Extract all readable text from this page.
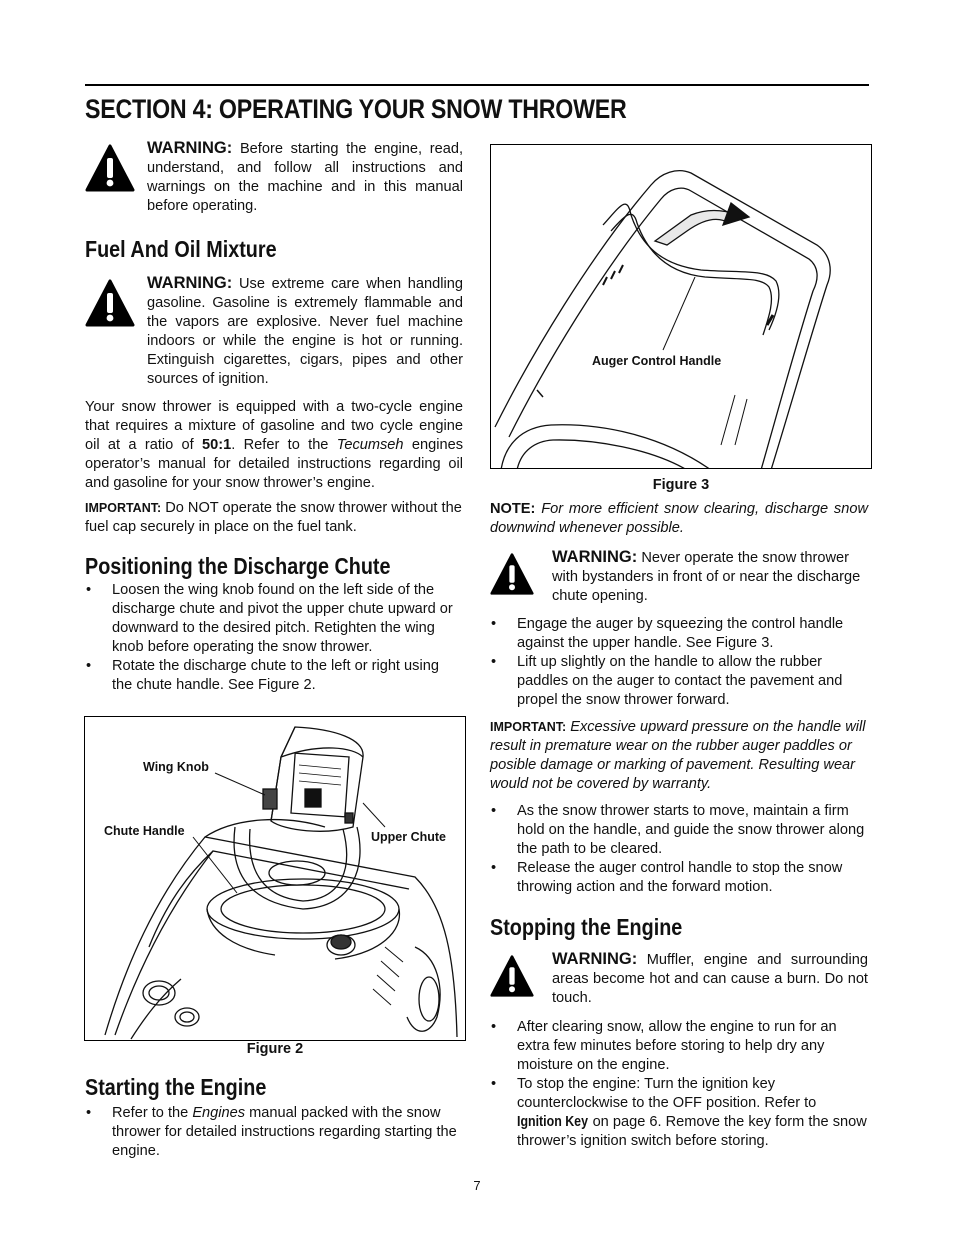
SECTION 4: OPERATING YOUR SNOW THROWER
WARNING: Before starting the engine, read, understand, and follow all instructions and warnings on the machine and in this manual before operating.
Fuel And Oil Mixture
WARNING: Use extreme care when handling gasoline. Gasoline is extremely flammable and the vapors are explosive. Never fuel machine indoors or while the engine is hot or running. Extinguish cigarettes, cigars, pipes and other sources of ignition.

Your snow thrower is equipped with a two-cycle engine that requires a mixture of gasoline and two cycle engine oil at a ratio of 50:1. Refer to the Tecumseh engines operator’s manual for detailed instructions regarding oil and gasoline for your snow thrower’s engine.

IMPORTANT: Do NOT operate the snow thrower without the fuel cap securely in place on the fuel tank.

Positioning the Discharge Chute
• Loosen the wing knob found on the left side of the discharge chute and pivot the upper chute upward or downward to the desired pitch. Retighten the wing knob before operating the snow thrower.
• Rotate the discharge chute to the left or right using the chute handle. See Figure 2.
Wing Knob
Chute Handle	Upper Chute
Figure 2
Starting the Engine
• Refer to the Engines manual packed with the snow thrower for detailed instructions regarding starting the engine.
Auger Control Handle
Figure 3

NOTE: For more efficient snow clearing, discharge snow downwind whenever possible.

WARNING: Never operate the snow thrower with bystanders in front of or near the discharge chute opening.
• Engage the auger by squeezing the control handle against the upper handle. See Figure 3.
• Lift up slightly on the handle to allow the rubber paddles on the auger to contact the pavement and propel the snow thrower forward.

IMPORTANT: Excessive upward pressure on the handle will result in premature wear on the rubber auger paddles or posible damage or marking of pavement. Resulting wear would not be covered by warranty.

• As the snow thrower starts to move, maintain a firm hold on the handle, and guide the snow thrower along the path to be cleared.
• Release the auger control handle to stop the snow throwing action and the forward motion.
Stopping the Engine
WARNING: Muffler, engine and surrounding areas become hot and can cause a burn. Do not touch.
• After clearing snow, allow the engine to run for an extra few minutes before storing to help dry any moisture on the engine.
• To stop the engine: Turn the ignition key counterclockwise to the OFF position. Refer to Ignition Key on page 6. Remove the key form the snow thrower’s ignition switch before storing.
7
